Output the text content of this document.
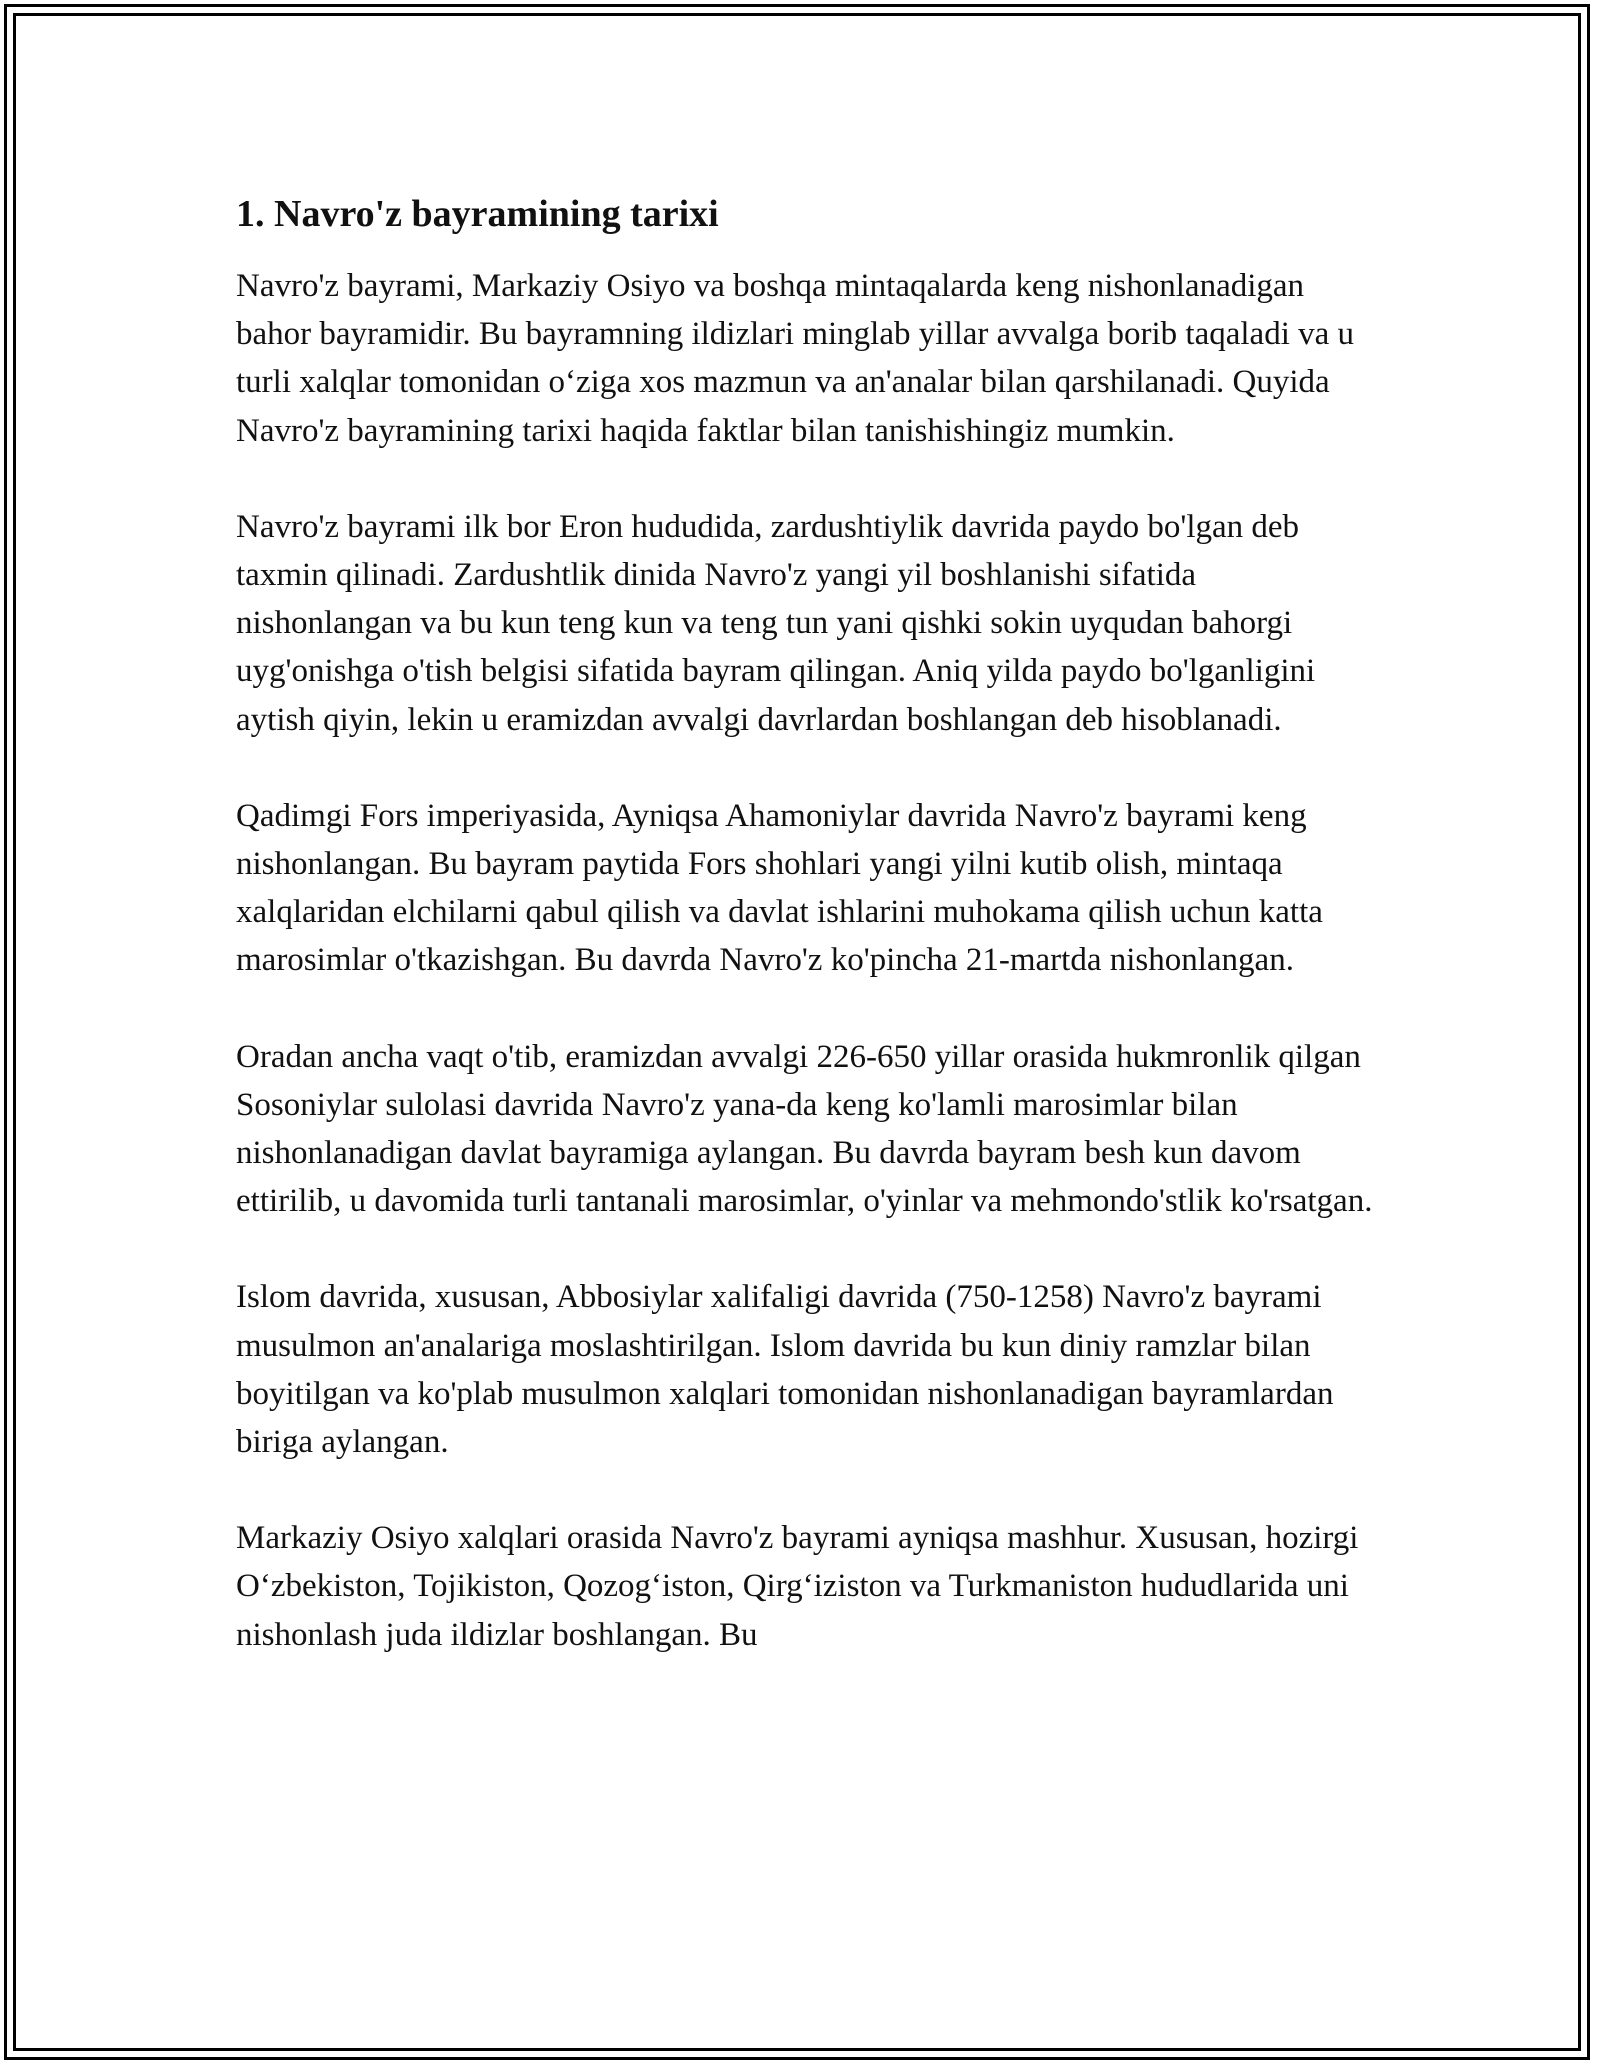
1. Navro'z bayramining tarixi

Navro'z bayrami, Markaziy Osiyo va boshqa mintaqalarda keng nishonlanadigan bahor bayramidir. Bu bayramning ildizlari minglab yillar avvalga borib taqaladi va u turli xalqlar tomonidan o‘ziga xos mazmun va an'analar bilan qarshilanadi. Quyida Navro'z bayramining tarixi haqida faktlar bilan tanishishingiz mumkin.

Navro'z bayrami ilk bor Eron hududida, zardushtiylik davrida paydo bo'lgan deb taxmin qilinadi. Zardushtlik dinida Navro'z yangi yil boshlanishi sifatida nishonlangan va bu kun teng kun va teng tun yani qishki sokin uyqudan bahorgi uyg'onishga o'tish belgisi sifatida bayram qilingan. Aniq yilda paydo bo'lganligini aytish qiyin, lekin u eramizdan avvalgi davrlardan boshlangan deb hisoblanadi.

Qadimgi Fors imperiyasida, Ayniqsa Ahamoniylar davrida Navro'z bayrami keng nishonlangan. Bu bayram paytida Fors shohlari yangi yilni kutib olish, mintaqa xalqlaridan elchilarni qabul qilish va davlat ishlarini muhokama qilish uchun katta marosimlar o'tkazishgan. Bu davrda Navro'z ko'pincha 21-martda nishonlangan.

Oradan ancha vaqt o'tib, eramizdan avvalgi 226-650 yillar orasida hukmronlik qilgan Sosoniylar sulolasi davrida Navro'z yana-da keng ko'lamli marosimlar bilan nishonlanadigan davlat bayramiga aylangan. Bu davrda bayram besh kun davom ettirilib, u davomida turli tantanali marosimlar, o'yinlar va mehmondo'stlik ko'rsatgan.

Islom davrida, xususan, Abbosiylar xalifaligi davrida (750-1258) Navro'z bayrami musulmon an'analariga moslashtirilgan. Islom davrida bu kun diniy ramzlar bilan boyitilgan va ko'plab musulmon xalqlari tomonidan nishonlanadigan bayramlardan biriga aylangan.

Markaziy Osiyo xalqlari orasida Navro'z bayrami ayniqsa mashhur. Xususan, hozirgi O‘zbekiston, Tojikiston, Qozog‘iston, Qirg‘iziston va Turkmaniston hududlarida uni nishonlash juda ildizlar boshlangan. Bu
